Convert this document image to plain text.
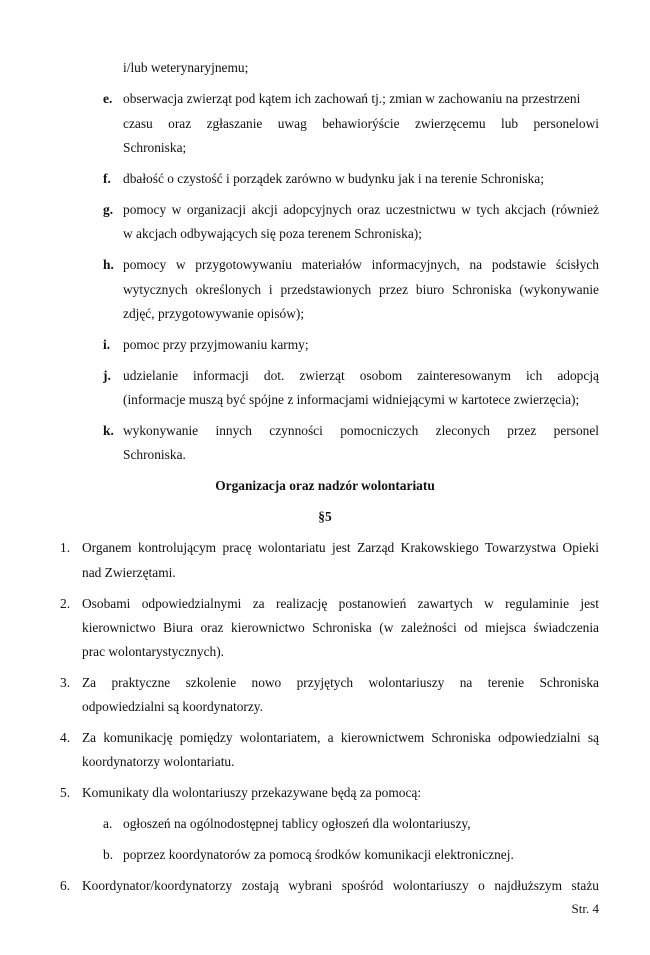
i/lub weterynaryjnemu;
e. obserwacja zwierząt pod kątem ich zachowań tj.; zmian w zachowaniu na przestrzeni
czasu oraz zgłaszanie uwag behawiorýście zwierzęcemu lub personelowi
Schroniska;
f. dbałość o czystość i porządek zarówno w budynku jak i na terenie Schroniska;
g. pomocy w organizacji akcji adopcyjnych oraz uczestnictwu w tych akcjach (również
w akcjach odbywających się poza terenem Schroniska);
h. pomocy w przygotowywaniu materiałów informacyjnych, na podstawie ścisłych
wytycznych określonych i przedstawionych przez biuro Schroniska (wykonywanie
zdjęć, przygotowywanie opisów);
i. pomoc przy przyjmowaniu karmy;
j. udzielanie informacji dot. zwierząt osobom zainteresowanym ich adopcją
(informacje muszą być spójne z informacjami widniejącymi w kartotece zwierzęcia);
k. wykonywanie innych czynności pomocniczych zleconych przez personel
Schroniska.
Organizacja oraz nadzór wolontariatu
§5
1. Organem kontrolującym pracę wolontariatu jest Zarząd Krakowskiego Towarzystwa Opieki
nad Zwierzętami.
2. Osobami odpowiedzialnymi za realizację postanowień zawartych w regulaminie jest
kierownictwo Biura oraz kierownictwo Schroniska (w zależności od miejsca świadczenia
prac wolontarystycznych).
3. Za praktyczne szkolenie nowo przyjętych wolontariuszy na terenie Schroniska
odpowiedzialni są koordynatorzy.
4. Za komunikację pomiędzy wolontariatem, a kierownictwem Schroniska odpowiedzialni są
koordynatorzy wolontariatu.
5. Komunikaty dla wolontariuszy przekazywane będą za pomocą:
a. ogłoszeń na ogólnodostępnej tablicy ogłoszeń dla wolontariuszy,
b. poprzez koordynatorów za pomocą środków komunikacji elektronicznej.
6. Koordynator/koordynatorzy zostają wybrani spośród wolontariuszy o najdłuższym stażu
Str. 4
